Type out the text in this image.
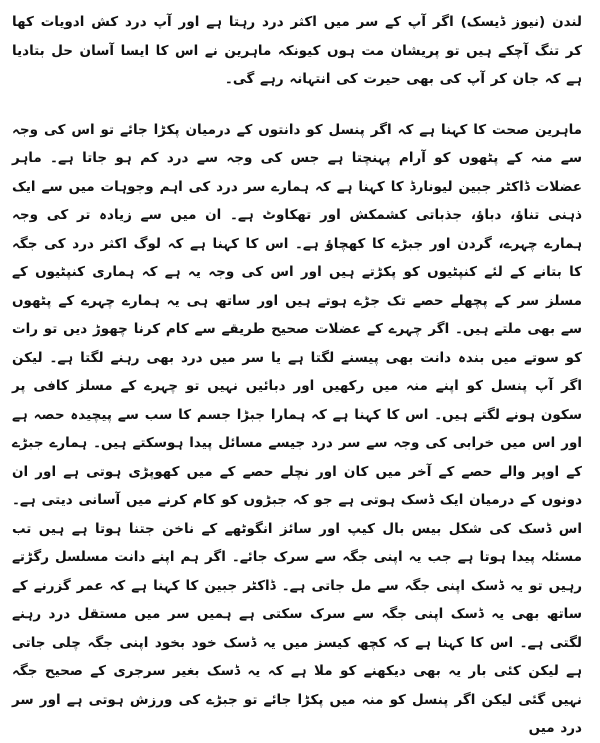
لندن (نیوز ڈیسک) اگر آپ کے سر میں اکثر درد رہتا ہے اور آپ درد کش ادویات کھا کر تنگ آچکے ہیں تو پریشان مت ہوں کیونکہ ماہرین نے اس کا ایسا آسان حل بتادیا ہے کہ جان کر آپ کی بھی حیرت کی انتہانہ رہے گی۔

ماہرین صحت کا کہنا ہے کہ اگر پنسل کو دانتوں کے درمیان پکڑا جائے تو اس کی وجہ سے منہ کے پٹھوں کو آرام پہنچتا ہے جس کی وجہ سے درد کم ہو جاتا ہے۔ ماہر عضلات ڈاکٹر جبین لیونارڈ کا کہنا ہے کہ ہمارے سر درد کی اہم وجوہات میں سے ایک ذہنی تناؤ، دباؤ، جذباتی کشمکش اور تھکاوٹ ہے۔ ان میں سے زیادہ تر کی وجہ ہمارے چہرے، گردن اور جبڑے کا کھچاؤ ہے۔ اس کا کہنا ہے کہ لوگ اکثر درد کی جگہ کا بتانے کے لئے کنپٹیوں کو پکڑتے ہیں اور اس کی وجہ یہ ہے کہ ہماری کنپٹیوں کے مسلز سر کے پچھلے حصے تک جڑے ہوتے ہیں اور ساتھ ہی یہ ہمارے چہرے کے پٹھوں سے بھی ملتے ہیں۔ اگر چہرے کے عضلات صحیح طریقے سے کام کرنا چھوڑ دیں تو رات کو سوتے میں بندہ دانت بھی پیسنے لگتا ہے یا سر میں درد بھی رہنے لگتا ہے۔ لیکن اگر آپ پنسل کو اپنے منہ میں رکھیں اور دبائیں نہیں تو چہرے کے مسلز کافی پر سکون ہونے لگتے ہیں۔ اس کا کہنا ہے کہ ہمارا جبڑا جسم کا سب سے پیچیدہ حصہ ہے اور اس میں خرابی کی وجہ سے سر درد جیسے مسائل پیدا ہوسکتے ہیں۔ ہمارے جبڑے کے اوپر والے حصے کے آخر میں کان اور نچلے حصے کے میں کھوپڑی ہوتی ہے اور ان دونوں کے درمیان ایک ڈسک ہوتی ہے جو کہ جبڑوں کو کام کرنے میں آسانی دیتی ہے۔ اس ڈسک کی شکل بیس بال کیپ اور سائز انگوٹھے کے ناخن جتنا ہوتا ہے ہیں تب مسئلہ پیدا ہوتا ہے جب یہ اپنی جگہ سے سرک جائے۔ اگر ہم اپنے دانت مسلسل رگڑتے رہیں تو یہ ڈسک اپنی جگہ سے مل جاتی ہے۔ ڈاکٹر جبین کا کہنا ہے کہ عمر گزرنے کے ساتھ بھی یہ ڈسک اپنی جگہ سے سرک سکتی ہے ہمیں سر میں مستقل درد رہنے لگتی ہے۔ اس کا کہنا ہے کہ کچھ کیسز میں یہ ڈسک خود بخود اپنی جگہ چلی جاتی ہے لیکن کئی بار یہ بھی دیکھنے کو ملا ہے کہ یہ ڈسک بغیر سرجری کے صحیح جگہ نہیں گئی لیکن اگر پنسل کو منہ میں پکڑا جائے تو جبڑے کی ورزش ہوتی ہے اور سر درد میں
